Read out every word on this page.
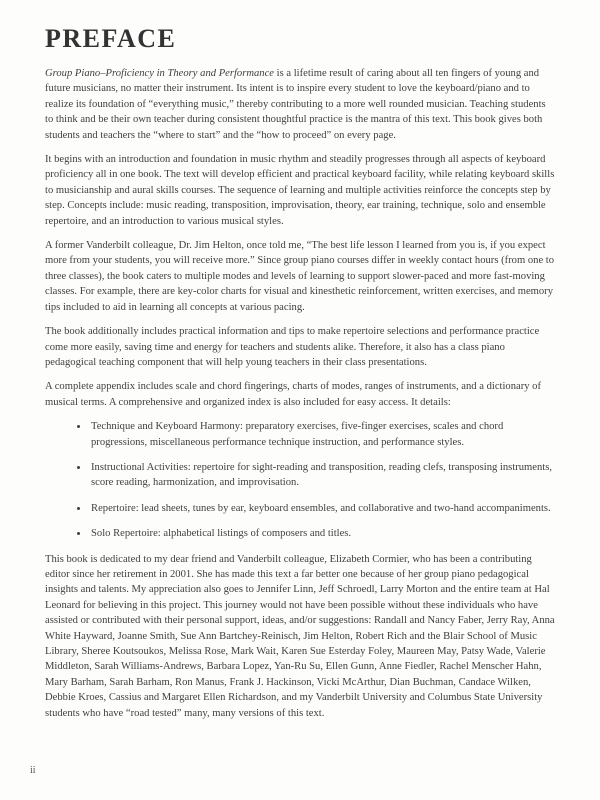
PREFACE

Group Piano–Proficiency in Theory and Performance is a lifetime result of caring about all ten fingers of young and future musicians, no matter their instrument. Its intent is to inspire every student to love the keyboard/piano and to realize its foundation of “everything music,” thereby contributing to a more well rounded musician. Teaching students to think and be their own teacher during consistent thoughtful practice is the mantra of this text. This book gives both students and teachers the “where to start” and the “how to proceed” on every page.

It begins with an introduction and foundation in music rhythm and steadily progresses through all aspects of keyboard proficiency all in one book. The text will develop efficient and practical keyboard facility, while relating keyboard skills to musicianship and aural skills courses. The sequence of learning and multiple activities reinforce the concepts step by step. Concepts include: music reading, transposition, improvisation, theory, ear training, technique, solo and ensemble repertoire, and an introduction to various musical styles.

A former Vanderbilt colleague, Dr. Jim Helton, once told me, “The best life lesson I learned from you is, if you expect more from your students, you will receive more.” Since group piano courses differ in weekly contact hours (from one to three classes), the book caters to multiple modes and levels of learning to support slower-paced and more fast-moving classes. For example, there are key-color charts for visual and kinesthetic reinforcement, written exercises, and memory tips included to aid in learning all concepts at various pacing.

The book additionally includes practical information and tips to make repertoire selections and performance practice come more easily, saving time and energy for teachers and students alike. Therefore, it also has a class piano pedagogical teaching component that will help young teachers in their class presentations.

A complete appendix includes scale and chord fingerings, charts of modes, ranges of instruments, and a dictionary of musical terms. A comprehensive and organized index is also included for easy access. It details:

• Technique and Keyboard Harmony: preparatory exercises, five-finger exercises, scales and chord progressions, miscellaneous performance technique instruction, and performance styles.
• Instructional Activities: repertoire for sight-reading and transposition, reading clefs, transposing instruments, score reading, harmonization, and improvisation.
• Repertoire: lead sheets, tunes by ear, keyboard ensembles, and collaborative and two-hand accompaniments.
• Solo Repertoire: alphabetical listings of composers and titles.

This book is dedicated to my dear friend and Vanderbilt colleague, Elizabeth Cormier, who has been a contributing editor since her retirement in 2001. She has made this text a far better one because of her group piano pedagogical insights and talents. My appreciation also goes to Jennifer Linn, Jeff Schroedl, Larry Morton and the entire team at Hal Leonard for believing in this project. This journey would not have been possible without these individuals who have assisted or contributed with their personal support, ideas, and/or suggestions: Randall and Nancy Faber, Jerry Ray, Anna White Hayward, Joanne Smith, Sue Ann Bartchey-Reinisch, Jim Helton, Robert Rich and the Blair School of Music Library, Sheree Koutsoukos, Melissa Rose, Mark Wait, Karen Sue Esterday Foley, Maureen May, Patsy Wade, Valerie Middleton, Sarah Williams-Andrews, Barbara Lopez, Yan-Ru Su, Ellen Gunn, Anne Fiedler, Rachel Menscher Hahn, Mary Barham, Sarah Barham, Ron Manus, Frank J. Hackinson, Vicki McArthur, Dian Buchman, Candace Wilken, Debbie Kroes, Cassius and Margaret Ellen Richardson, and my Vanderbilt University and Columbus State University students who have “road tested” many, many versions of this text.

ii
